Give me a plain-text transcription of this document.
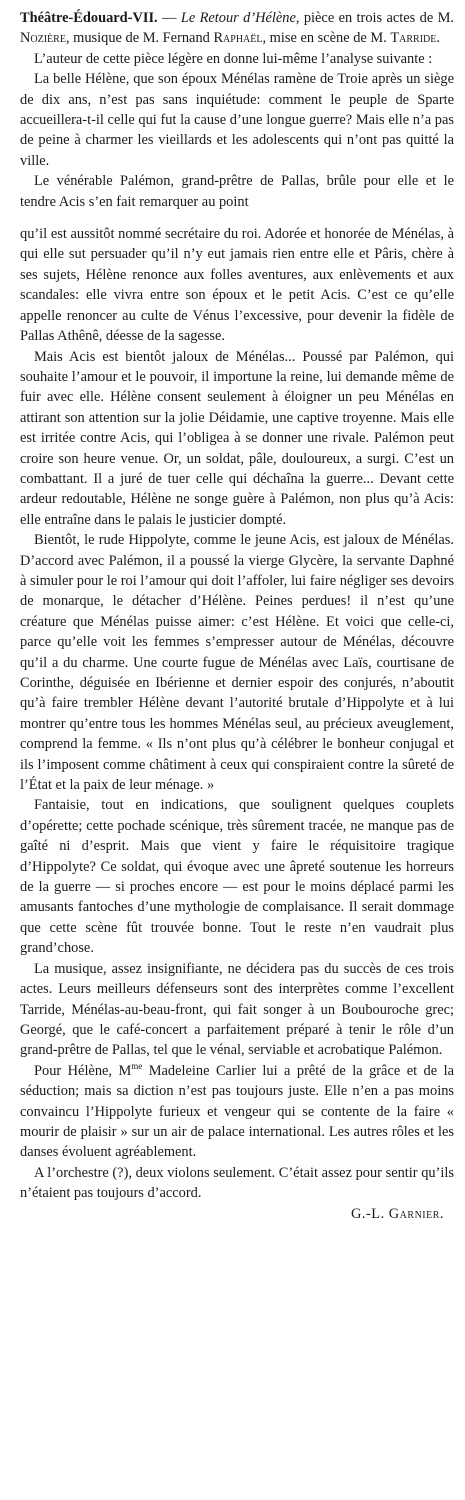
Théâtre-Édouard-VII. — Le Retour d’Hélène, pièce en trois actes de M. Nozière, musique de M. Fernand Raphaël, mise en scène de M. Tarride.

L’auteur de cette pièce légère en donne lui-même l’analyse suivante :

La belle Hélène, que son époux Ménélas ramène de Troie après un siège de dix ans, n’est pas sans inquiétude: comment le peuple de Sparte accueillera-t-il celle qui fut la cause d’une longue guerre? Mais elle n’a pas de peine à charmer les vieillards et les adolescents qui n’ont pas quitté la ville.

Le vénérable Palémon, grand-prêtre de Pallas, brûle pour elle et le tendre Acis s’en fait remarquer au point

qu’il est aussitôt nommé secrétaire du roi. Adorée et honorée de Ménélas, à qui elle sut persuader qu’il n’y eut jamais rien entre elle et Pâris, chère à ses sujets, Hélène renonce aux folles aventures, aux enlèvements et aux scandales: elle vivra entre son époux et le petit Acis. C’est ce qu’elle appelle renoncer au culte de Vénus l’excessive, pour devenir la fidèle de Pallas Athênê, déesse de la sagesse.

Mais Acis est bientôt jaloux de Ménélas... Poussé par Palémon, qui souhaite l’amour et le pouvoir, il importune la reine, lui demande même de fuir avec elle. Hélène consent seulement à éloigner un peu Ménélas en attirant son attention sur la jolie Déidamie, une captive troyenne. Mais elle est irritée contre Acis, qui l’obligea à se donner une rivale. Palémon peut croire son heure venue. Or, un soldat, pâle, douloureux, a surgi. C’est un combattant. Il a juré de tuer celle qui déchaîna la guerre... Devant cette ardeur redoutable, Hélène ne songe guère à Palémon, non plus qu’à Acis: elle entraîne dans le palais le justicier dompté.

Bientôt, le rude Hippolyte, comme le jeune Acis, est jaloux de Ménélas. D’accord avec Palémon, il a poussé la vierge Glycère, la servante Daphné à simuler pour le roi l’amour qui doit l’affoler, lui faire négliger ses devoirs de monarque, le détacher d’Hélène. Peines perdues! il n’est qu’une créature que Ménélas puisse aimer: c’est Hélène. Et voici que celle-ci, parce qu’elle voit les femmes s’empresser autour de Ménélas, découvre qu’il a du charme. Une courte fugue de Ménélas avec Laïs, courtisane de Corinthe, déguisée en Ibérienne et dernier espoir des conjurés, n’aboutit qu’à faire trembler Hélène devant l’autorité brutale d’Hippolyte et à lui montrer qu’entre tous les hommes Ménélas seul, au précieux aveuglement, comprend la femme. « Ils n’ont plus qu’à célébrer le bonheur conjugal et ils l’imposent comme châtiment à ceux qui conspiraient contre la sûreté de l’État et la paix de leur ménage. »

Fantaisie, tout en indications, que soulignent quelques couplets d’opérette; cette pochade scénique, très sûrement tracée, ne manque pas de gaîté ni d’esprit. Mais que vient y faire le réquisitoire tragique d’Hippolyte? Ce soldat, qui évoque avec une âpreté soutenue les horreurs de la guerre — si proches encore — est pour le moins déplacé parmi les amusants fantoches d’une mythologie de complaisance. Il serait dommage que cette scène fût trouvée bonne. Tout le reste n’en vaudrait plus grand’chose.

La musique, assez insignifiante, ne décidera pas du succès de ces trois actes. Leurs meilleurs défenseurs sont des interprètes comme l’excellent Tarride, Ménélas-au-beau-front, qui fait songer à un Boubouroche grec; Georgé, que le café-concert a parfaitement préparé à tenir le rôle d’un grand-prêtre de Pallas, tel que le vénal, serviable et acrobatique Palémon.

Pour Hélène, $M^{me}$ Madeleine Carlier lui a prêté de la grâce et de la séduction; mais sa diction n’est pas toujours juste. Elle n’en a pas moins convaincu l’Hippolyte furieux et vengeur qui se contente de la faire « mourir de plaisir » sur un air de palace international. Les autres rôles et les danses évoluent agréablement.

A l’orchestre (?), deux violons seulement. C’était assez pour sentir qu’ils n’étaient pas toujours d’accord.

G.-L. Garnier.
